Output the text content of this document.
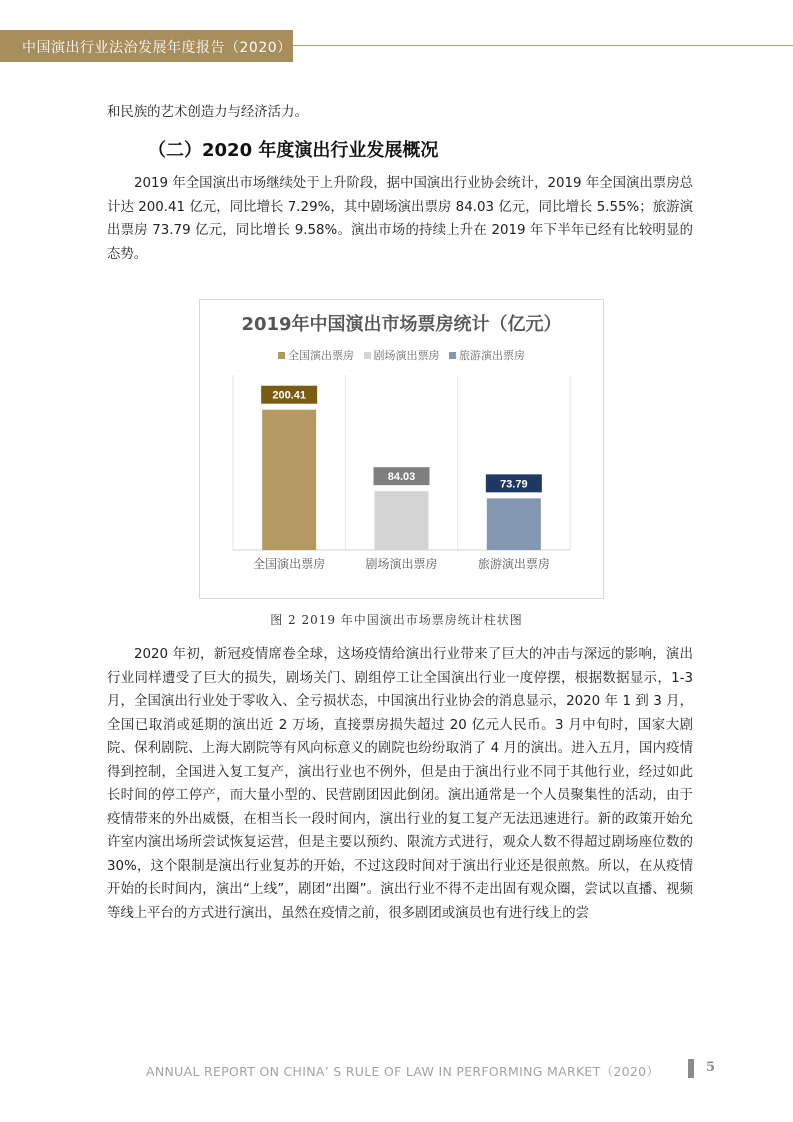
中国演出行业法治发展年度报告（2020）
和民族的艺术创造力与经济活力。
（二）2020 年度演出行业发展概况
2019 年全国演出市场继续处于上升阶段，据中国演出行业协会统计，2019 年全国演出票房总计达 200.41 亿元，同比增长 7.29%，其中剧场演出票房 84.03 亿元，同比增长 5.55%；旅游演出票房 73.79 亿元，同比增长 9.58%。演出市场的持续上升在 2019 年下半年已经有比较明显的态势。
2019年中国演出市场票房统计（亿元）
全国演出票房 剧场演出票房 旅游演出票房
200.41
全国演出票房
84.03
剧场演出票房
73.79
旅游演出票房
图 2 2019 年中国演出市场票房统计柱状图
2020 年初，新冠疫情席卷全球，这场疫情给演出行业带来了巨大的冲击与深远的影响，演出行业同样遭受了巨大的损失，剧场关门、剧组停工让全国演出行业一度停摆，根据数据显示，1-3 月，全国演出行业处于零收入、全亏损状态，中国演出行业协会的消息显示，2020 年 1 到 3 月，全国已取消或延期的演出近 2 万场，直接票房损失超过 20 亿元人民币。3 月中旬时，国家大剧院、保利剧院、上海大剧院等有风向标意义的剧院也纷纷取消了 4 月的演出。进入五月，国内疫情得到控制，全国进入复工复产，演出行业也不例外，但是由于演出行业不同于其他行业，经过如此长时间的停工停产，而大量小型的、民营剧团因此倒闭。演出通常是一个人员聚集性的活动，由于疫情带来的外出威慑，在相当长一段时间内，演出行业的复工复产无法迅速进行。新的政策开始允许室内演出场所尝试恢复运营，但是主要以预约、限流方式进行，观众人数不得超过剧场座位数的 30%，这个限制是演出行业复苏的开始，不过这段时间对于演出行业还是很煎熬。所以，在从疫情开始的长时间内，演出“上线”，剧团“出圈”。演出行业不得不走出固有观众圈，尝试以直播、视频等线上平台的方式进行演出，虽然在疫情之前，很多剧团或演员也有进行线上的尝
ANNUAL REPORT ON CHINA’ S RULE OF LAW IN PERFORMING MARKET（2020）	5
